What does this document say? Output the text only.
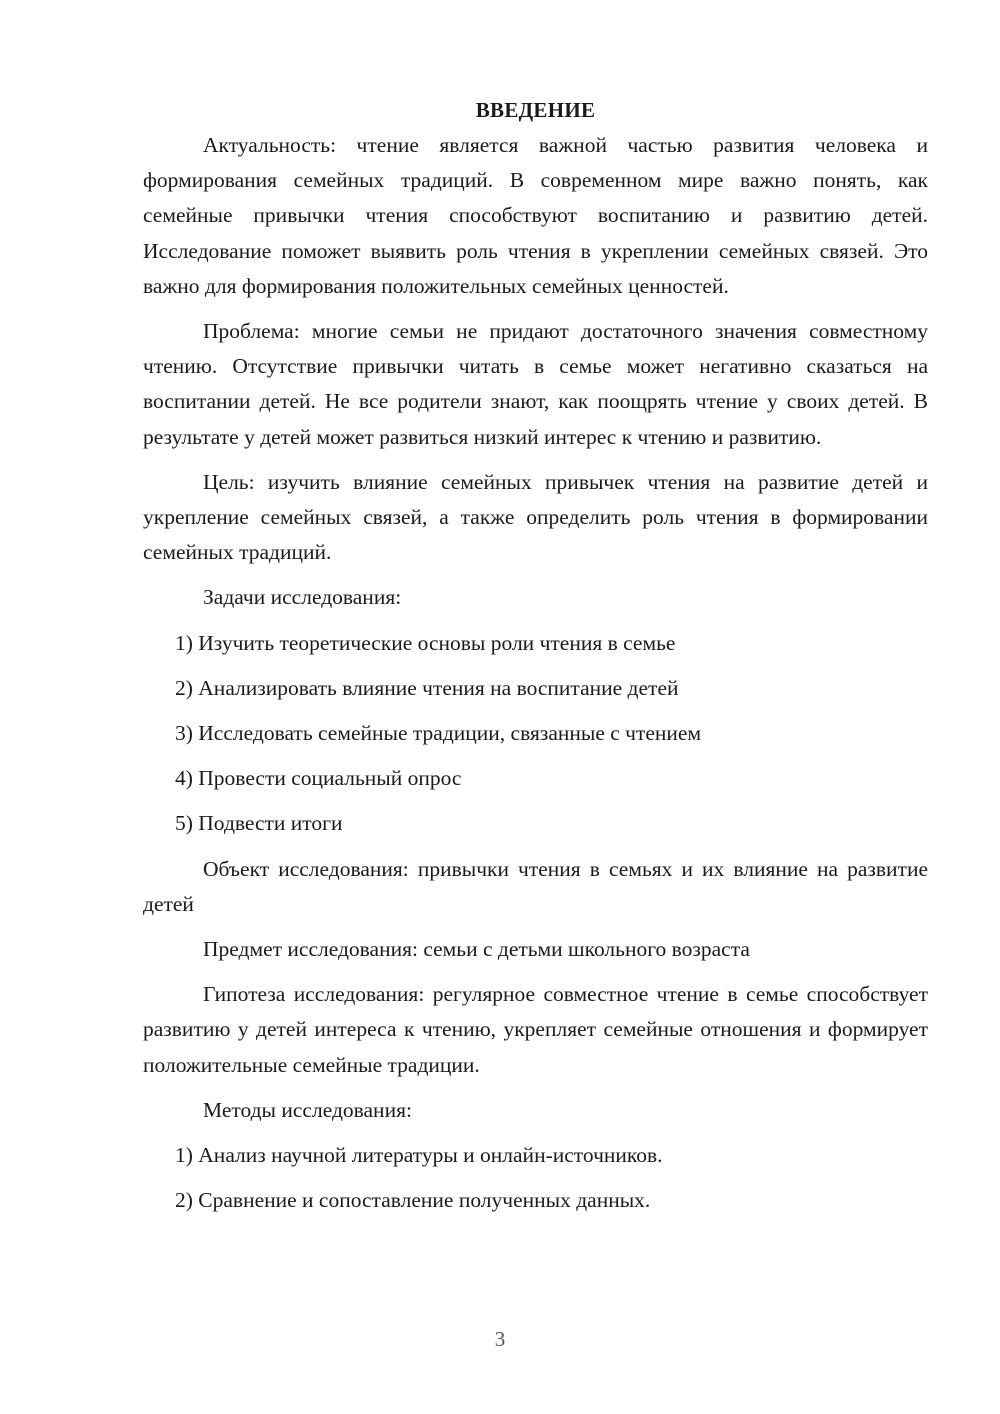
ВВЕДЕНИЕ

Актуальность: чтение является важной частью развития человека и формирования семейных традиций. В современном мире важно понять, как семейные привычки чтения способствуют воспитанию и развитию детей. Исследование поможет выявить роль чтения в укреплении семейных связей. Это важно для формирования положительных семейных ценностей.

Проблема: многие семьи не придают достаточного значения совместному чтению. Отсутствие привычки читать в семье может негативно сказаться на воспитании детей. Не все родители знают, как поощрять чтение у своих детей. В результате у детей может развиться низкий интерес к чтению и развитию.

Цель: изучить влияние семейных привычек чтения на развитие детей и укрепление семейных связей, а также определить роль чтения в формировании семейных традиций.

Задачи исследования:

1) Изучить теоретические основы роли чтения в семье

2) Анализировать влияние чтения на воспитание детей

3) Исследовать семейные традиции, связанные с чтением

4) Провести социальный опрос

5) Подвести итоги

Объект исследования: привычки чтения в семьях и их влияние на развитие детей

Предмет исследования: семьи с детьми школьного возраста

Гипотеза исследования: регулярное совместное чтение в семье способствует развитию у детей интереса к чтению, укрепляет семейные отношения и формирует положительные семейные традиции.

Методы исследования:

1) Анализ научной литературы и онлайн-источников.

2) Сравнение и сопоставление полученных данных.

3
